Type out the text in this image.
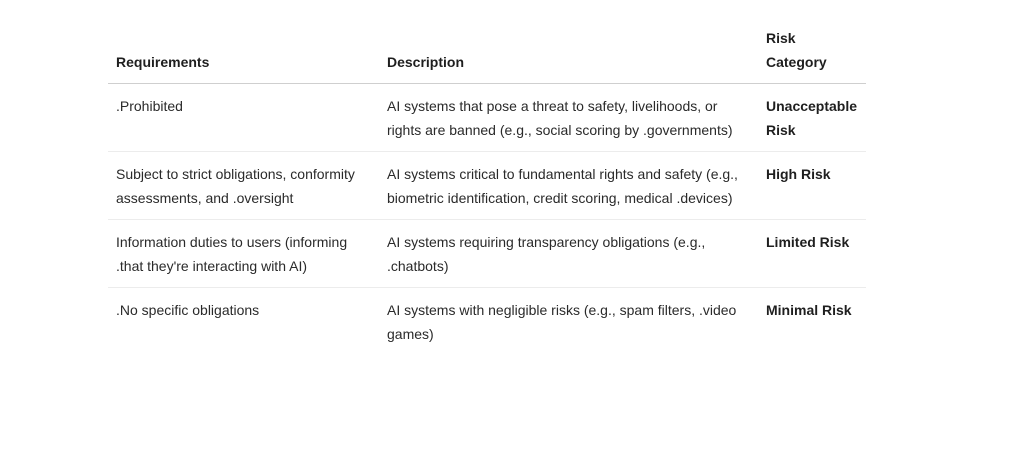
Requirements	Description	Risk Category
.Prohibited	AI systems that pose a threat to safety, livelihoods, or rights are banned (e.g., social scoring by .governments)	Unacceptable Risk
Subject to strict obligations, conformity assessments, and .oversight	AI systems critical to fundamental rights and safety (e.g., biometric identification, credit scoring, medical .devices)	High Risk
Information duties to users (informing .that they're interacting with AI)	AI systems requiring transparency obligations (e.g., .chatbots)	Limited Risk
.No specific obligations	AI systems with negligible risks (e.g., spam filters, .video games)	Minimal Risk
